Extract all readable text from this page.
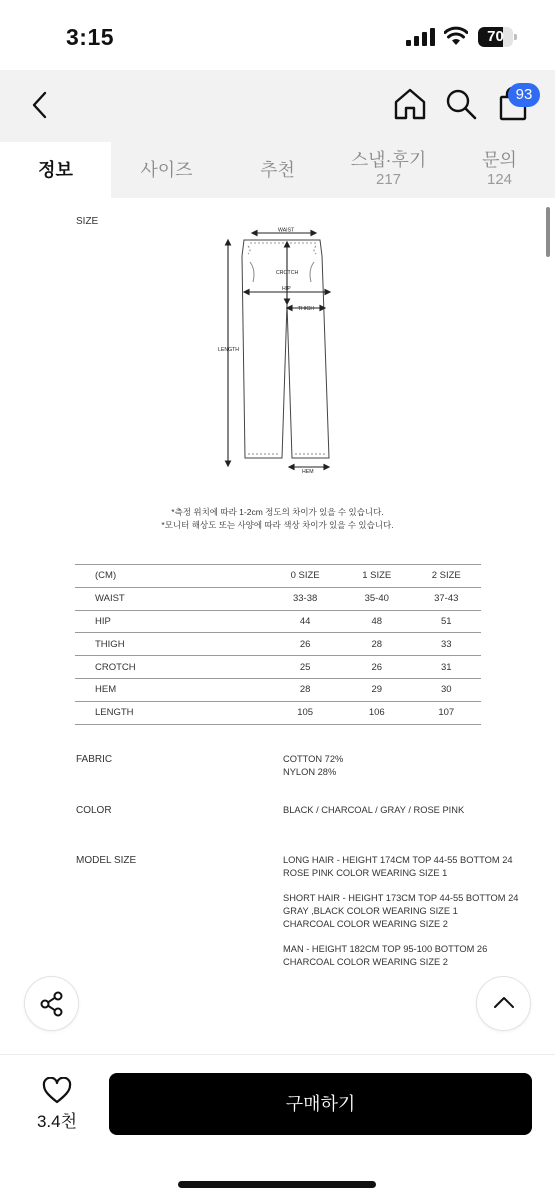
3:15	70
93
정보	사이즈	추천	스냅·후기
217
문의
124
SIZE
WAIST
CROTCH
HIP
THIGH
LENGTH
HEM
*측정 위치에 따라 1-2cm 정도의 차이가 있을 수 있습니다.
*모니터 해상도 또는 사양에 따라 색상 차이가 있을 수 있습니다.
(CM)	0 SIZE	1 SIZE	2 SIZE
WAIST	33-38	35-40	37-43
HIP	44	48	51
THIGH	26	28	33
CROTCH	25	26	31
HEM	28	29	30
LENGTH	105	106	107
FABRIC	COTTON 72%
NYLON 28%
COLOR	BLACK / CHARCOAL / GRAY / ROSE PINK
MODEL SIZE	LONG HAIR - HEIGHT 174CM TOP 44-55 BOTTOM 24
ROSE PINK COLOR WEARING SIZE 1
SHORT HAIR - HEIGHT 173CM TOP 44-55 BOTTOM 24
GRAY ,BLACK COLOR WEARING SIZE 1
CHARCOAL COLOR WEARING SIZE 2
MAN - HEIGHT 182CM TOP 95-100 BOTTOM 26
CHARCOAL COLOR WEARING SIZE 2
3.4천
구매하기
